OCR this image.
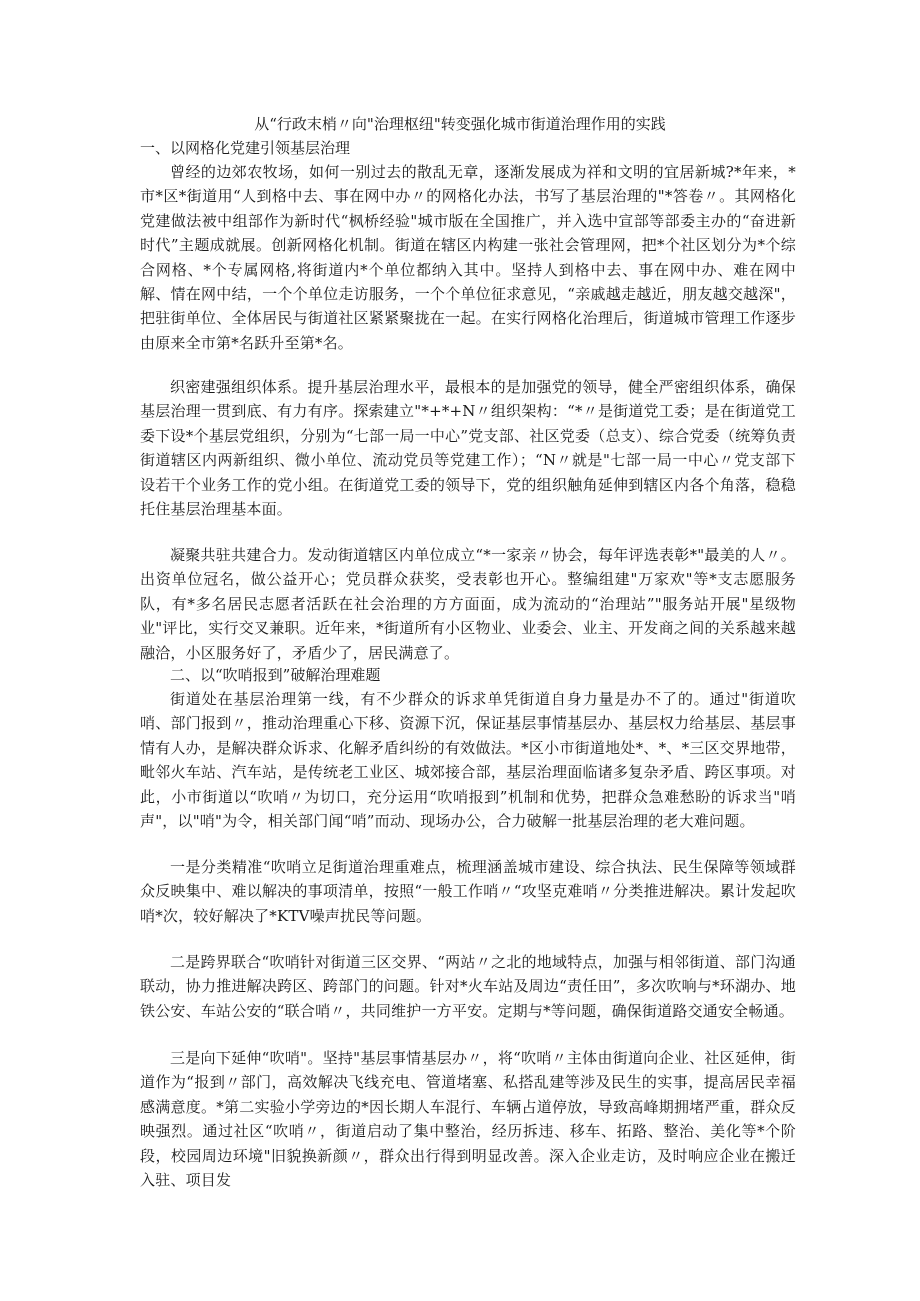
从“行政末梢〃向"治理枢纽"转变强化城市街道治理作用的实践
一、以网格化党建引领基层治理

曾经的边郊农牧场，如何一别过去的散乱无章，逐渐发展成为祥和文明的宜居新城?*年来，*市*区*街道用“人到格中去、事在网中办〃的网格化办法，书写了基层治理的"*答卷〃。其网格化党建做法被中组部作为新时代“枫桥经验"城市版在全国推广，并入选中宣部等部委主办的“奋进新时代”主题成就展。创新网格化机制。街道在辖区内构建一张社会管理网，把*个社区划分为*个综合网格、*个专属网格,将街道内*个单位都纳入其中。坚持人到格中去、事在网中办、难在网中解、情在网中结，一个个单位走访服务，一个个单位征求意见，“亲戚越走越近，朋友越交越深"，把驻街单位、全体居民与街道社区紧紧聚拢在一起。在实行网格化治理后，街道城市管理工作逐步由原来全市第*名跃升至第*名。

织密建强组织体系。提升基层治理水平，最根本的是加强党的领导，健全严密组织体系，确保基层治理一贯到底、有力有序。探索建立"*+*+N〃组织架构：“*〃是街道党工委；是在街道党工委下设*个基层党组织，分别为“七部一局一中心”党支部、社区党委（总支）、综合党委（统筹负责街道辖区内两新组织、微小单位、流动党员等党建工作）；“N〃就是"七部一局一中心〃党支部下设若干个业务工作的党小组。在街道党工委的领导下，党的组织触角延伸到辖区内各个角落，稳稳托住基层治理基本面。

凝聚共驻共建合力。发动街道辖区内单位成立“*一家亲〃协会，每年评选表彰*"最美的人〃。出资单位冠名，做公益开心；党员群众获奖，受表彰也开心。整编组建"万家欢"等*支志愿服务队，有*多名居民志愿者活跃在社会治理的方方面面，成为流动的“治理站”"服务站开展"星级物业"评比，实行交叉兼职。近年来，*街道所有小区物业、业委会、业主、开发商之间的关系越来越融洽，小区服务好了，矛盾少了，居民满意了。

二、以“吹哨报到”破解治理难题

街道处在基层治理第一线，有不少群众的诉求单凭街道自身力量是办不了的。通过"街道吹哨、部门报到〃，推动治理重心下移、资源下沉，保证基层事情基层办、基层权力给基层、基层事情有人办，是解决群众诉求、化解矛盾纠纷的有效做法。*区小市街道地处*、*、*三区交界地带，毗邻火车站、汽车站，是传统老工业区、城郊接合部，基层治理面临诸多复杂矛盾、跨区事项。对此，小市街道以“吹哨〃为切口，充分运用“吹哨报到”机制和优势，把群众急难愁盼的诉求当"哨声"，以"哨"为令，相关部门闻“哨”而动、现场办公，合力破解一批基层治理的老大难问题。

一是分类精准“吹哨立足街道治理重难点，梳理涵盖城市建设、综合执法、民生保障等领域群众反映集中、难以解决的事项清单，按照“一般工作哨〃“攻坚克难哨〃分类推进解决。累计发起吹哨*次，较好解决了*KTV噪声扰民等问题。

二是跨界联合“吹哨针对街道三区交界、“两站〃之北的地域特点，加强与相邻街道、部门沟通联动，协力推进解决跨区、跨部门的问题。针对*火车站及周边“责任田”，多次吹响与*环湖办、地铁公安、车站公安的“联合哨〃，共同维护一方平安。定期与*等问题，确保街道路交通安全畅通。

三是向下延伸“吹哨"。坚持"基层事情基层办〃，将“吹哨〃主体由街道向企业、社区延伸，街道作为“报到〃部门，高效解决飞线充电、管道堵塞、私搭乱建等涉及民生的实事，提高居民幸福感满意度。*第二实验小学旁边的*因长期人车混行、车辆占道停放，导致高峰期拥堵严重，群众反映强烈。通过社区“吹哨〃，街道启动了集中整治，经历拆违、移车、拓路、整治、美化等*个阶段，校园周边环境"旧貌换新颜〃，群众出行得到明显改善。深入企业走访，及时响应企业在搬迁入驻、项目发
